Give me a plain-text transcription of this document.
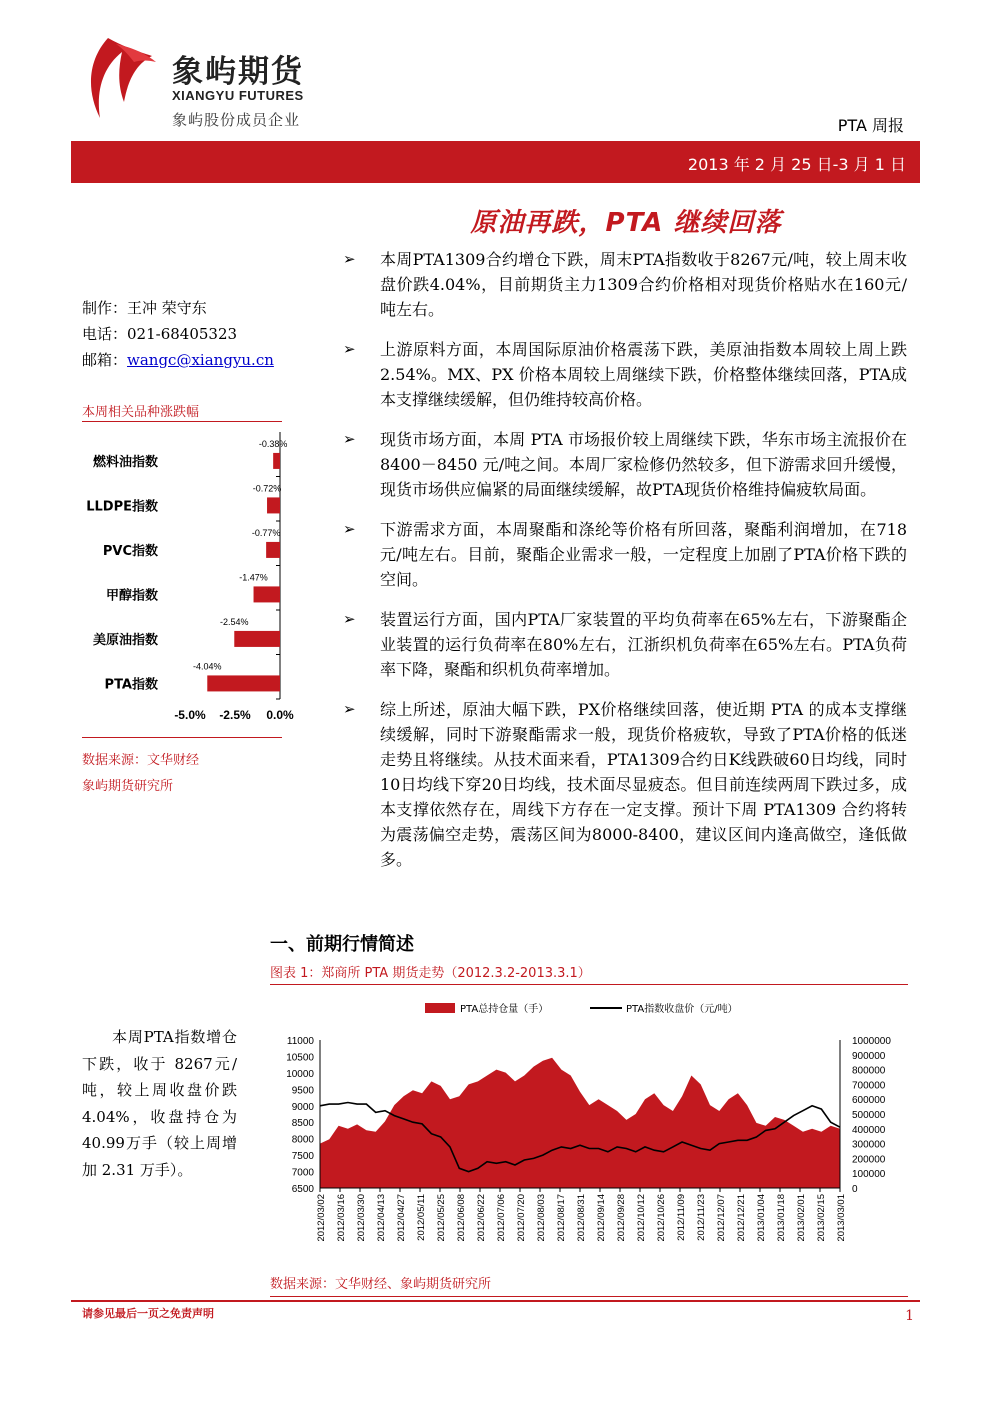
象屿期货
XIANGYU FUTURES
象屿股份成员企业	PTA 周报
2013 年 2 月 25 日-3 月 1 日
原油再跌，PTA 继续回落
制作：王冲 荣守东
电话：021-68405323
邮箱：wangc@xiangyu.cn
本周相关品种涨跌幅
燃料油指数
-0.38%
LLDPE指数
-0.72%
PVC指数
-0.77%
甲醇指数
-1.47%
美原油指数
-2.54%
PTA指数
-4.04%
-5.0% -2.5% 0.0%
数据来源：文华财经
象屿期货研究所
➢ 本周PTA1309合约增仓下跌，周末PTA指数收于8267元/吨，较上周末收盘价跌4.04%，目前期货主力1309合约价格相对现货价格贴水在160元/吨左右。
➢ 上游原料方面，本周国际原油价格震荡下跌，美原油指数本周较上周上跌 2.54%。MX、PX 价格本周较上周继续下跌，价格整体继续回落，PTA成本支撑继续缓解，但仍维持较高价格。
➢ 现货市场方面，本周 PTA 市场报价较上周继续下跌，华东市场主流报价在 8400－8450 元/吨之间。本周厂家检修仍然较多，但下游需求回升缓慢，现货市场供应偏紧的局面继续缓解，故PTA现货价格维持偏疲软局面。
➢ 下游需求方面，本周聚酯和涤纶等价格有所回落，聚酯利润增加，在718元/吨左右。目前，聚酯企业需求一般，一定程度上加剧了PTA价格下跌的空间。
➢ 装置运行方面，国内PTA厂家装置的平均负荷率在65%左右，下游聚酯企业装置的运行负荷率在80%左右，江浙织机负荷率在65%左右。PTA负荷率下降，聚酯和织机负荷率增加。
➢ 综上所述，原油大幅下跌，PX价格继续回落，使近期 PTA 的成本支撑继续缓解，同时下游聚酯需求一般，现货价格疲软，导致了PTA价格的低迷走势且将继续。从技术面来看，PTA1309合约日K线跌破60日均线，同时10日均线下穿20日均线，技术面尽显疲态。但目前连续两周下跌过多，成本支撑依然存在，周线下方存在一定支撑。预计下周 PTA1309 合约将转为震荡偏空走势，震荡区间为8000-8400，建议区间内逢高做空，逢低做多。
一、前期行情简述
图表 1：郑商所 PTA 期货走势（2012.3.2-2013.3.1）
PTA总持仓量（手）	PTA指数收盘价（元/吨）
6500
7000
7500
8000
8500
9000
9500
10000
10500
11000
0
100000
200000
300000
400000
500000
600000
700000
800000
900000
1000000
2012/03/02 2012/03/16 2012/03/30 2012/04/13 2012/04/27 2012/05/11 2012/05/25 2012/06/08 2012/06/22 2012/07/06 2012/07/20 2012/08/03 2012/08/17 2012/08/31 2012/09/14 2012/09/28 2012/10/12 2012/10/26 2012/11/09 2012/11/23 2012/12/07 2012/12/21 2013/01/04 2013/01/18 2013/02/01 2013/02/15 2013/03/01
数据来源：文华财经、象屿期货研究所
本周PTA指数增仓下跌，收于 8267元/吨，较上周收盘价跌 4.04%，收盘持仓为40.99万手（较上周增加 2.31 万手）。
请参见最后一页之免责声明	1
